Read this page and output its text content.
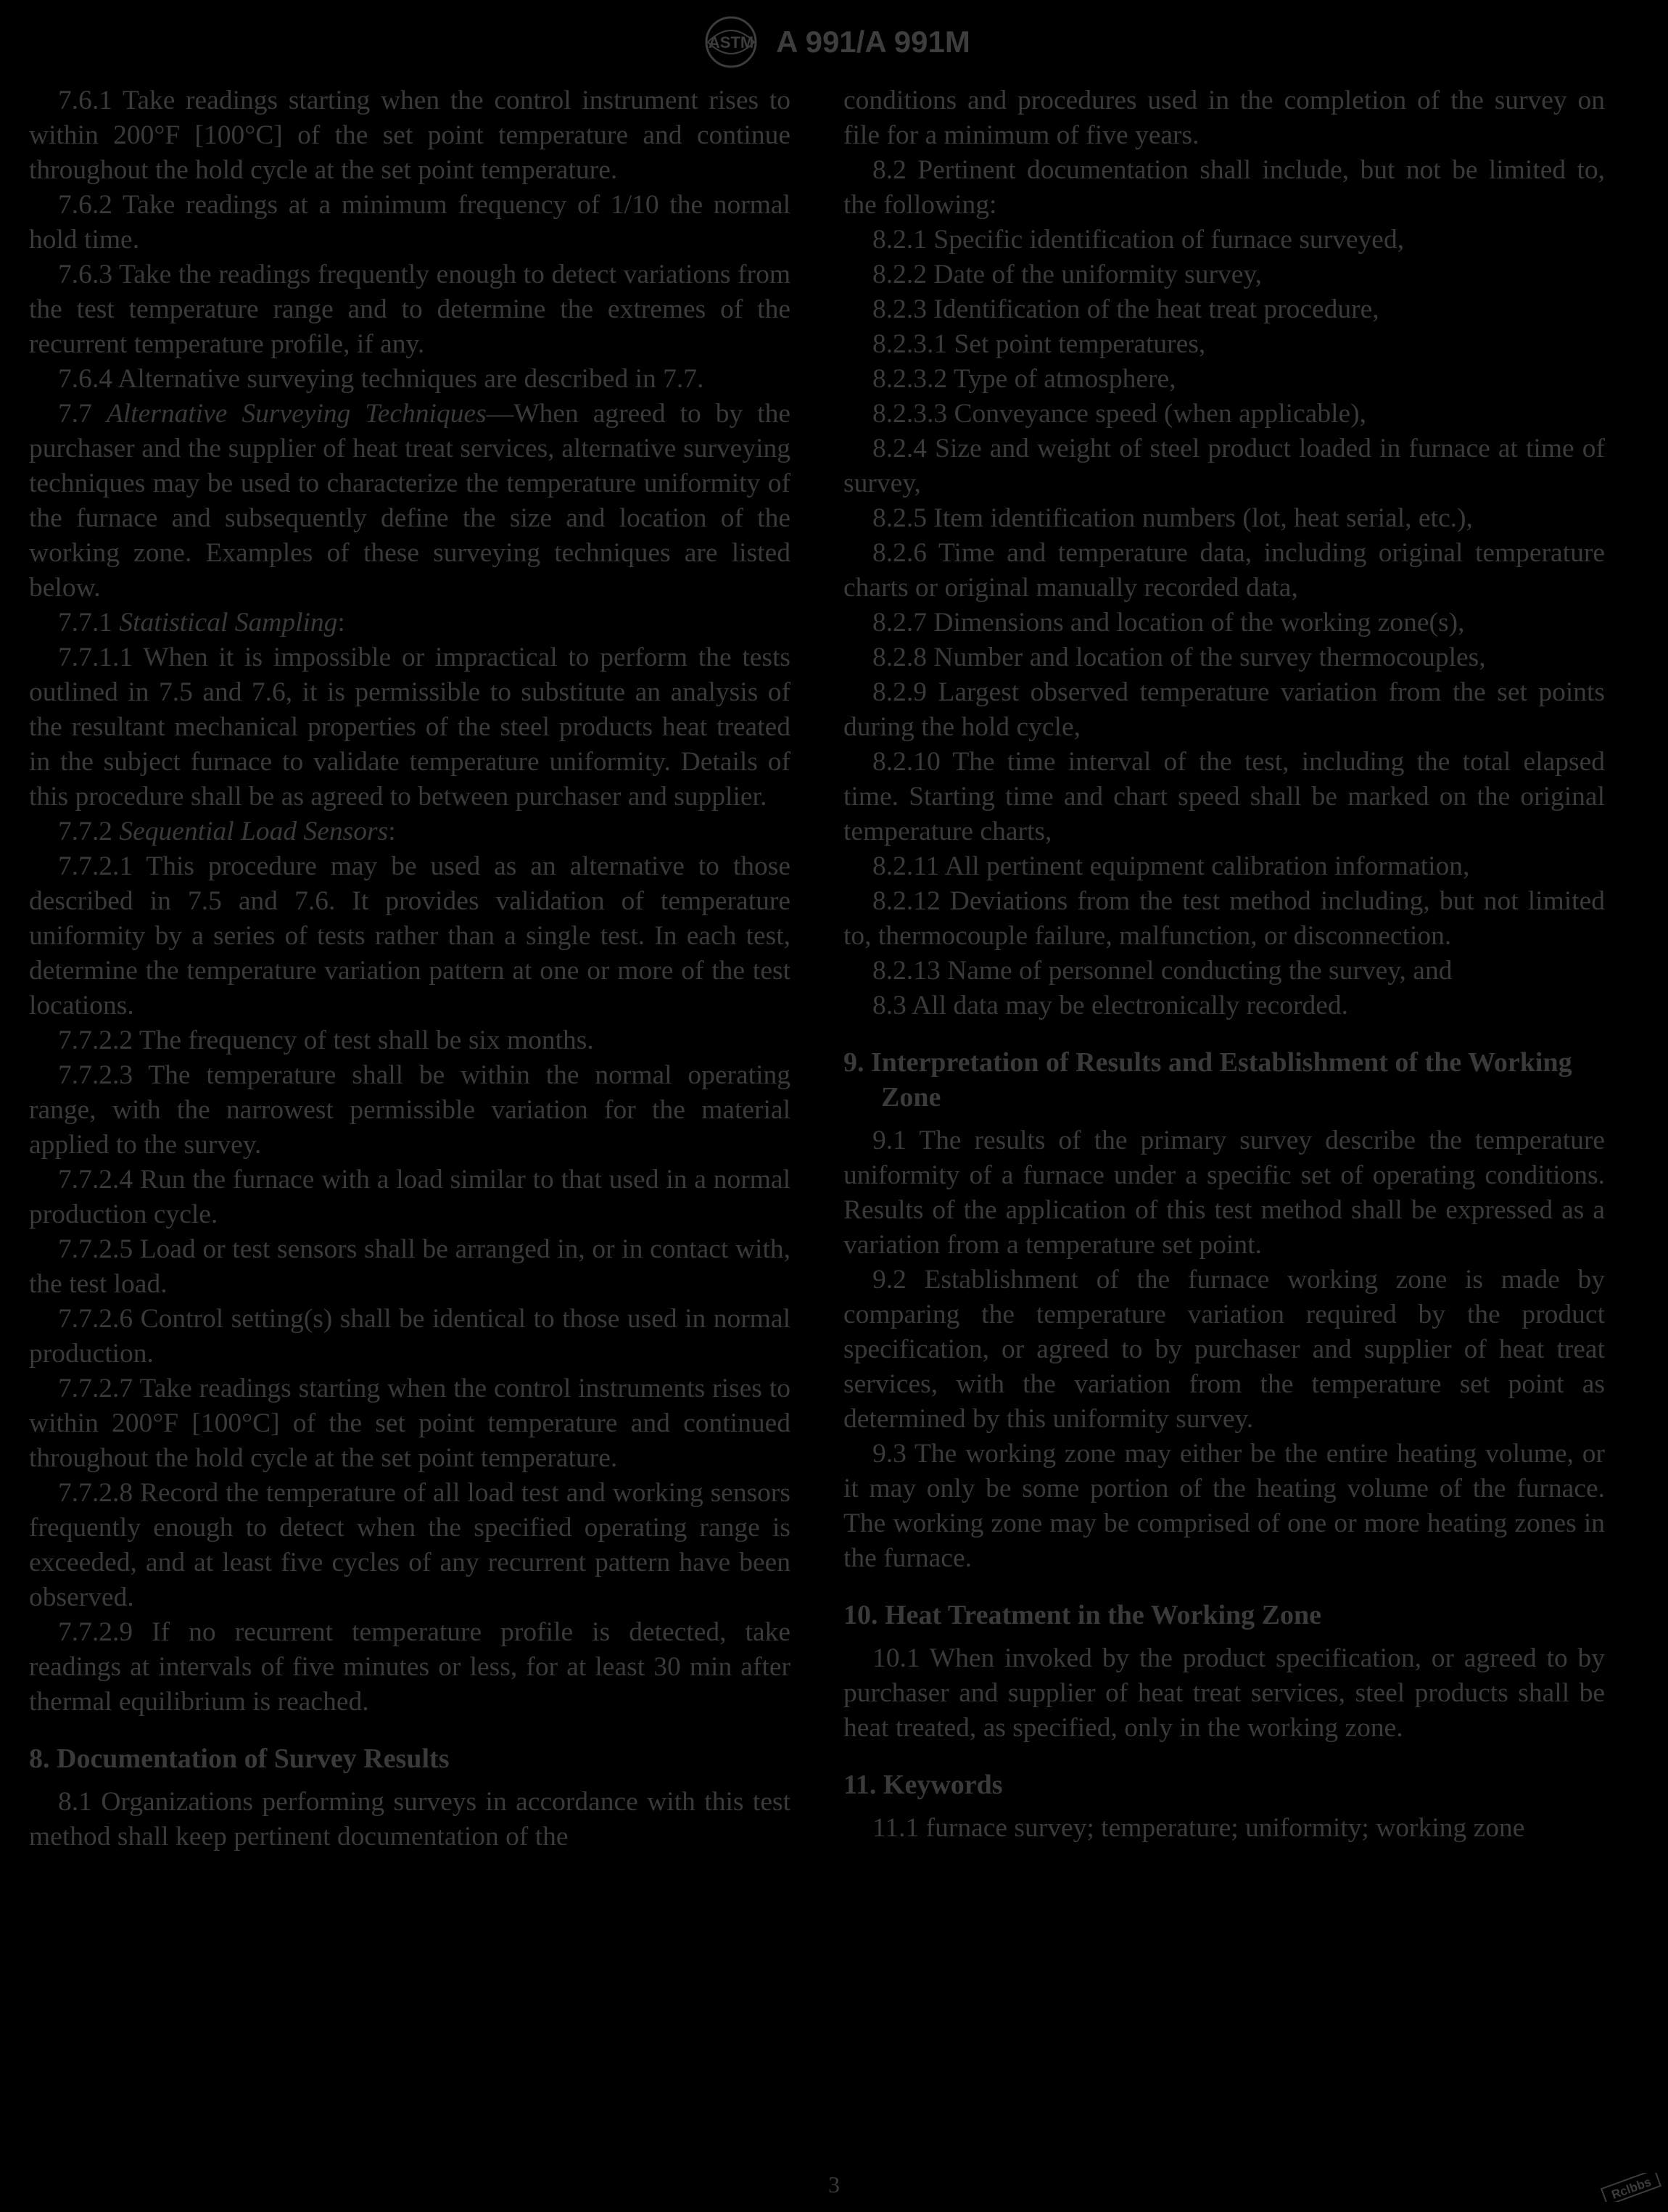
ASTM A 991/A 991M

7.6.1 Take readings starting when the control instrument rises to within 200°F [100°C] of the set point temperature and continue throughout the hold cycle at the set point temperature.

7.6.2 Take readings at a minimum frequency of 1/10 the normal hold time.

7.6.3 Take the readings frequently enough to detect variations from the test temperature range and to determine the extremes of the recurrent temperature profile, if any.

7.6.4 Alternative surveying techniques are described in 7.7.

7.7 Alternative Surveying Techniques—When agreed to by the purchaser and the supplier of heat treat services, alternative surveying techniques may be used to characterize the temperature uniformity of the furnace and subsequently define the size and location of the working zone. Examples of these surveying techniques are listed below.

7.7.1 Statistical Sampling:

7.7.1.1 When it is impossible or impractical to perform the tests outlined in 7.5 and 7.6, it is permissible to substitute an analysis of the resultant mechanical properties of the steel products heat treated in the subject furnace to validate temperature uniformity. Details of this procedure shall be as agreed to between purchaser and supplier.

7.7.2 Sequential Load Sensors:

7.7.2.1 This procedure may be used as an alternative to those described in 7.5 and 7.6. It provides validation of temperature uniformity by a series of tests rather than a single test. In each test, determine the temperature variation pattern at one or more of the test locations.

7.7.2.2 The frequency of test shall be six months.

7.7.2.3 The temperature shall be within the normal operating range, with the narrowest permissible variation for the material applied to the survey.

7.7.2.4 Run the furnace with a load similar to that used in a normal production cycle.

7.7.2.5 Load or test sensors shall be arranged in, or in contact with, the test load.

7.7.2.6 Control setting(s) shall be identical to those used in normal production.

7.7.2.7 Take readings starting when the control instruments rises to within 200°F [100°C] of the set point temperature and continued throughout the hold cycle at the set point temperature.

7.7.2.8 Record the temperature of all load test and working sensors frequently enough to detect when the specified operating range is exceeded, and at least five cycles of any recurrent pattern have been observed.

7.7.2.9 If no recurrent temperature profile is detected, take readings at intervals of five minutes or less, for at least 30 min after thermal equilibrium is reached.

8. Documentation of Survey Results

8.1 Organizations performing surveys in accordance with this test method shall keep pertinent documentation of the

conditions and procedures used in the completion of the survey on file for a minimum of five years.

8.2 Pertinent documentation shall include, but not be limited to, the following:

8.2.1 Specific identification of furnace surveyed,

8.2.2 Date of the uniformity survey,

8.2.3 Identification of the heat treat procedure,

8.2.3.1 Set point temperatures,

8.2.3.2 Type of atmosphere,

8.2.3.3 Conveyance speed (when applicable),

8.2.4 Size and weight of steel product loaded in furnace at time of survey,

8.2.5 Item identification numbers (lot, heat serial, etc.),

8.2.6 Time and temperature data, including original temperature charts or original manually recorded data,

8.2.7 Dimensions and location of the working zone(s),

8.2.8 Number and location of the survey thermocouples,

8.2.9 Largest observed temperature variation from the set points during the hold cycle,

8.2.10 The time interval of the test, including the total elapsed time. Starting time and chart speed shall be marked on the original temperature charts,

8.2.11 All pertinent equipment calibration information,

8.2.12 Deviations from the test method including, but not limited to, thermocouple failure, malfunction, or disconnection.

8.2.13 Name of personnel conducting the survey, and

8.3 All data may be electronically recorded.

9. Interpretation of Results and Establishment of the Working Zone

9.1 The results of the primary survey describe the temperature uniformity of a furnace under a specific set of operating conditions. Results of the application of this test method shall be expressed as a variation from a temperature set point.

9.2 Establishment of the furnace working zone is made by comparing the temperature variation required by the product specification, or agreed to by purchaser and supplier of heat treat services, with the variation from the temperature set point as determined by this uniformity survey.

9.3 The working zone may either be the entire heating volume, or it may only be some portion of the heating volume of the furnace. The working zone may be comprised of one or more heating zones in the furnace.

10. Heat Treatment in the Working Zone

10.1 When invoked by the product specification, or agreed to by purchaser and supplier of heat treat services, steel products shall be heat treated, as specified, only in the working zone.

11. Keywords

11.1 furnace survey; temperature; uniformity; working zone

3	Rclbbs
